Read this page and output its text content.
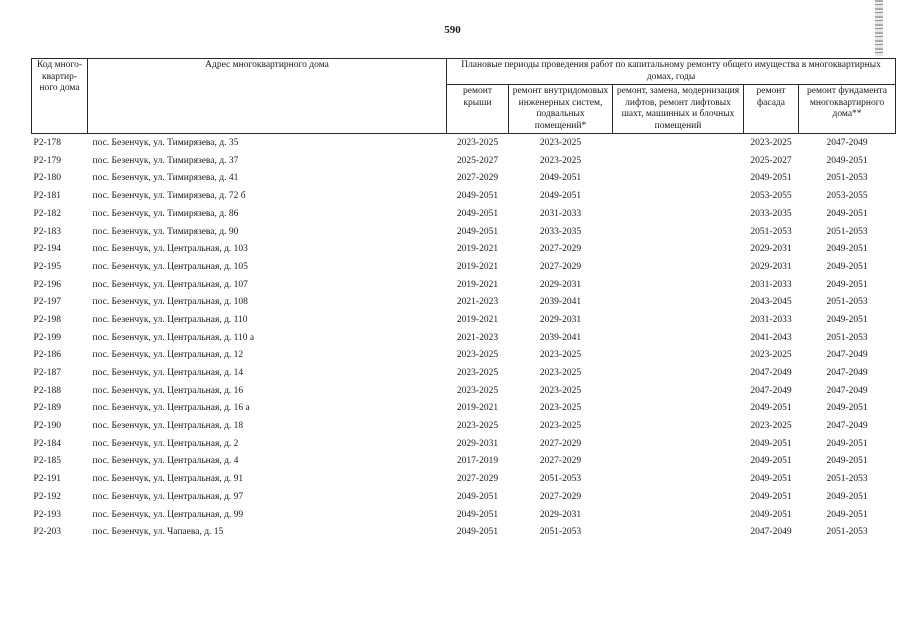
590
Код много-квартир-ного дома	Адрес многоквартирного дома	Плановые периоды проведения работ по капитальному ремонту общего имущества в многоквартирных домах, годы				
		ремонт крыши	ремонт внутридомовых инженерных систем, подвальных помещений*	ремонт, замена, модернизация лифтов, ремонт лифтовых шахт, машинных и блочных помещений	ремонт фасада	ремонт фундамента многоквартирного дома**
Р2-178	пос. Безенчук, ул. Тимирязева, д. 35	2023-2025	2023-2025		2023-2025	2047-2049
Р2-179	пос. Безенчук, ул. Тимирязева, д. 37	2025-2027	2023-2025		2025-2027	2049-2051
Р2-180	пос. Безенчук, ул. Тимирязева, д. 41	2027-2029	2049-2051		2049-2051	2051-2053
Р2-181	пос. Безенчук, ул. Тимирязева, д. 72 б	2049-2051	2049-2051		2053-2055	2053-2055
Р2-182	пос. Безенчук, ул. Тимирязева, д. 86	2049-2051	2031-2033		2033-2035	2049-2051
Р2-183	пос. Безенчук, ул. Тимирязева, д. 90	2049-2051	2033-2035		2051-2053	2051-2053
Р2-194	пос. Безенчук, ул. Центральная, д. 103	2019-2021	2027-2029		2029-2031	2049-2051
Р2-195	пос. Безенчук, ул. Центральная, д. 105	2019-2021	2027-2029		2029-2031	2049-2051
Р2-196	пос. Безенчук, ул. Центральная, д. 107	2019-2021	2029-2031		2031-2033	2049-2051
Р2-197	пос. Безенчук, ул. Центральная, д. 108	2021-2023	2039-2041		2043-2045	2051-2053
Р2-198	пос. Безенчук, ул. Центральная, д. 110	2019-2021	2029-2031		2031-2033	2049-2051
Р2-199	пос. Безенчук, ул. Центральная, д. 110 а	2021-2023	2039-2041		2041-2043	2051-2053
Р2-186	пос. Безенчук, ул. Центральная, д. 12	2023-2025	2023-2025		2023-2025	2047-2049
Р2-187	пос. Безенчук, ул. Центральная, д. 14	2023-2025	2023-2025		2047-2049	2047-2049
Р2-188	пос. Безенчук, ул. Центральная, д. 16	2023-2025	2023-2025		2047-2049	2047-2049
Р2-189	пос. Безенчук, ул. Центральная, д. 16 а	2019-2021	2023-2025		2049-2051	2049-2051
Р2-190	пос. Безенчук, ул. Центральная, д. 18	2023-2025	2023-2025		2023-2025	2047-2049
Р2-184	пос. Безенчук, ул. Центральная, д. 2	2029-2031	2027-2029		2049-2051	2049-2051
Р2-185	пос. Безенчук, ул. Центральная, д. 4	2017-2019	2027-2029		2049-2051	2049-2051
Р2-191	пос. Безенчук, ул. Центральная, д. 91	2027-2029	2051-2053		2049-2051	2051-2053
Р2-192	пос. Безенчук, ул. Центральная, д. 97	2049-2051	2027-2029		2049-2051	2049-2051
Р2-193	пос. Безенчук, ул. Центральная, д. 99	2049-2051	2029-2031		2049-2051	2049-2051
Р2-203	пос. Безенчук, ул. Чапаева, д. 15	2049-2051	2051-2053		2047-2049	2051-2053
